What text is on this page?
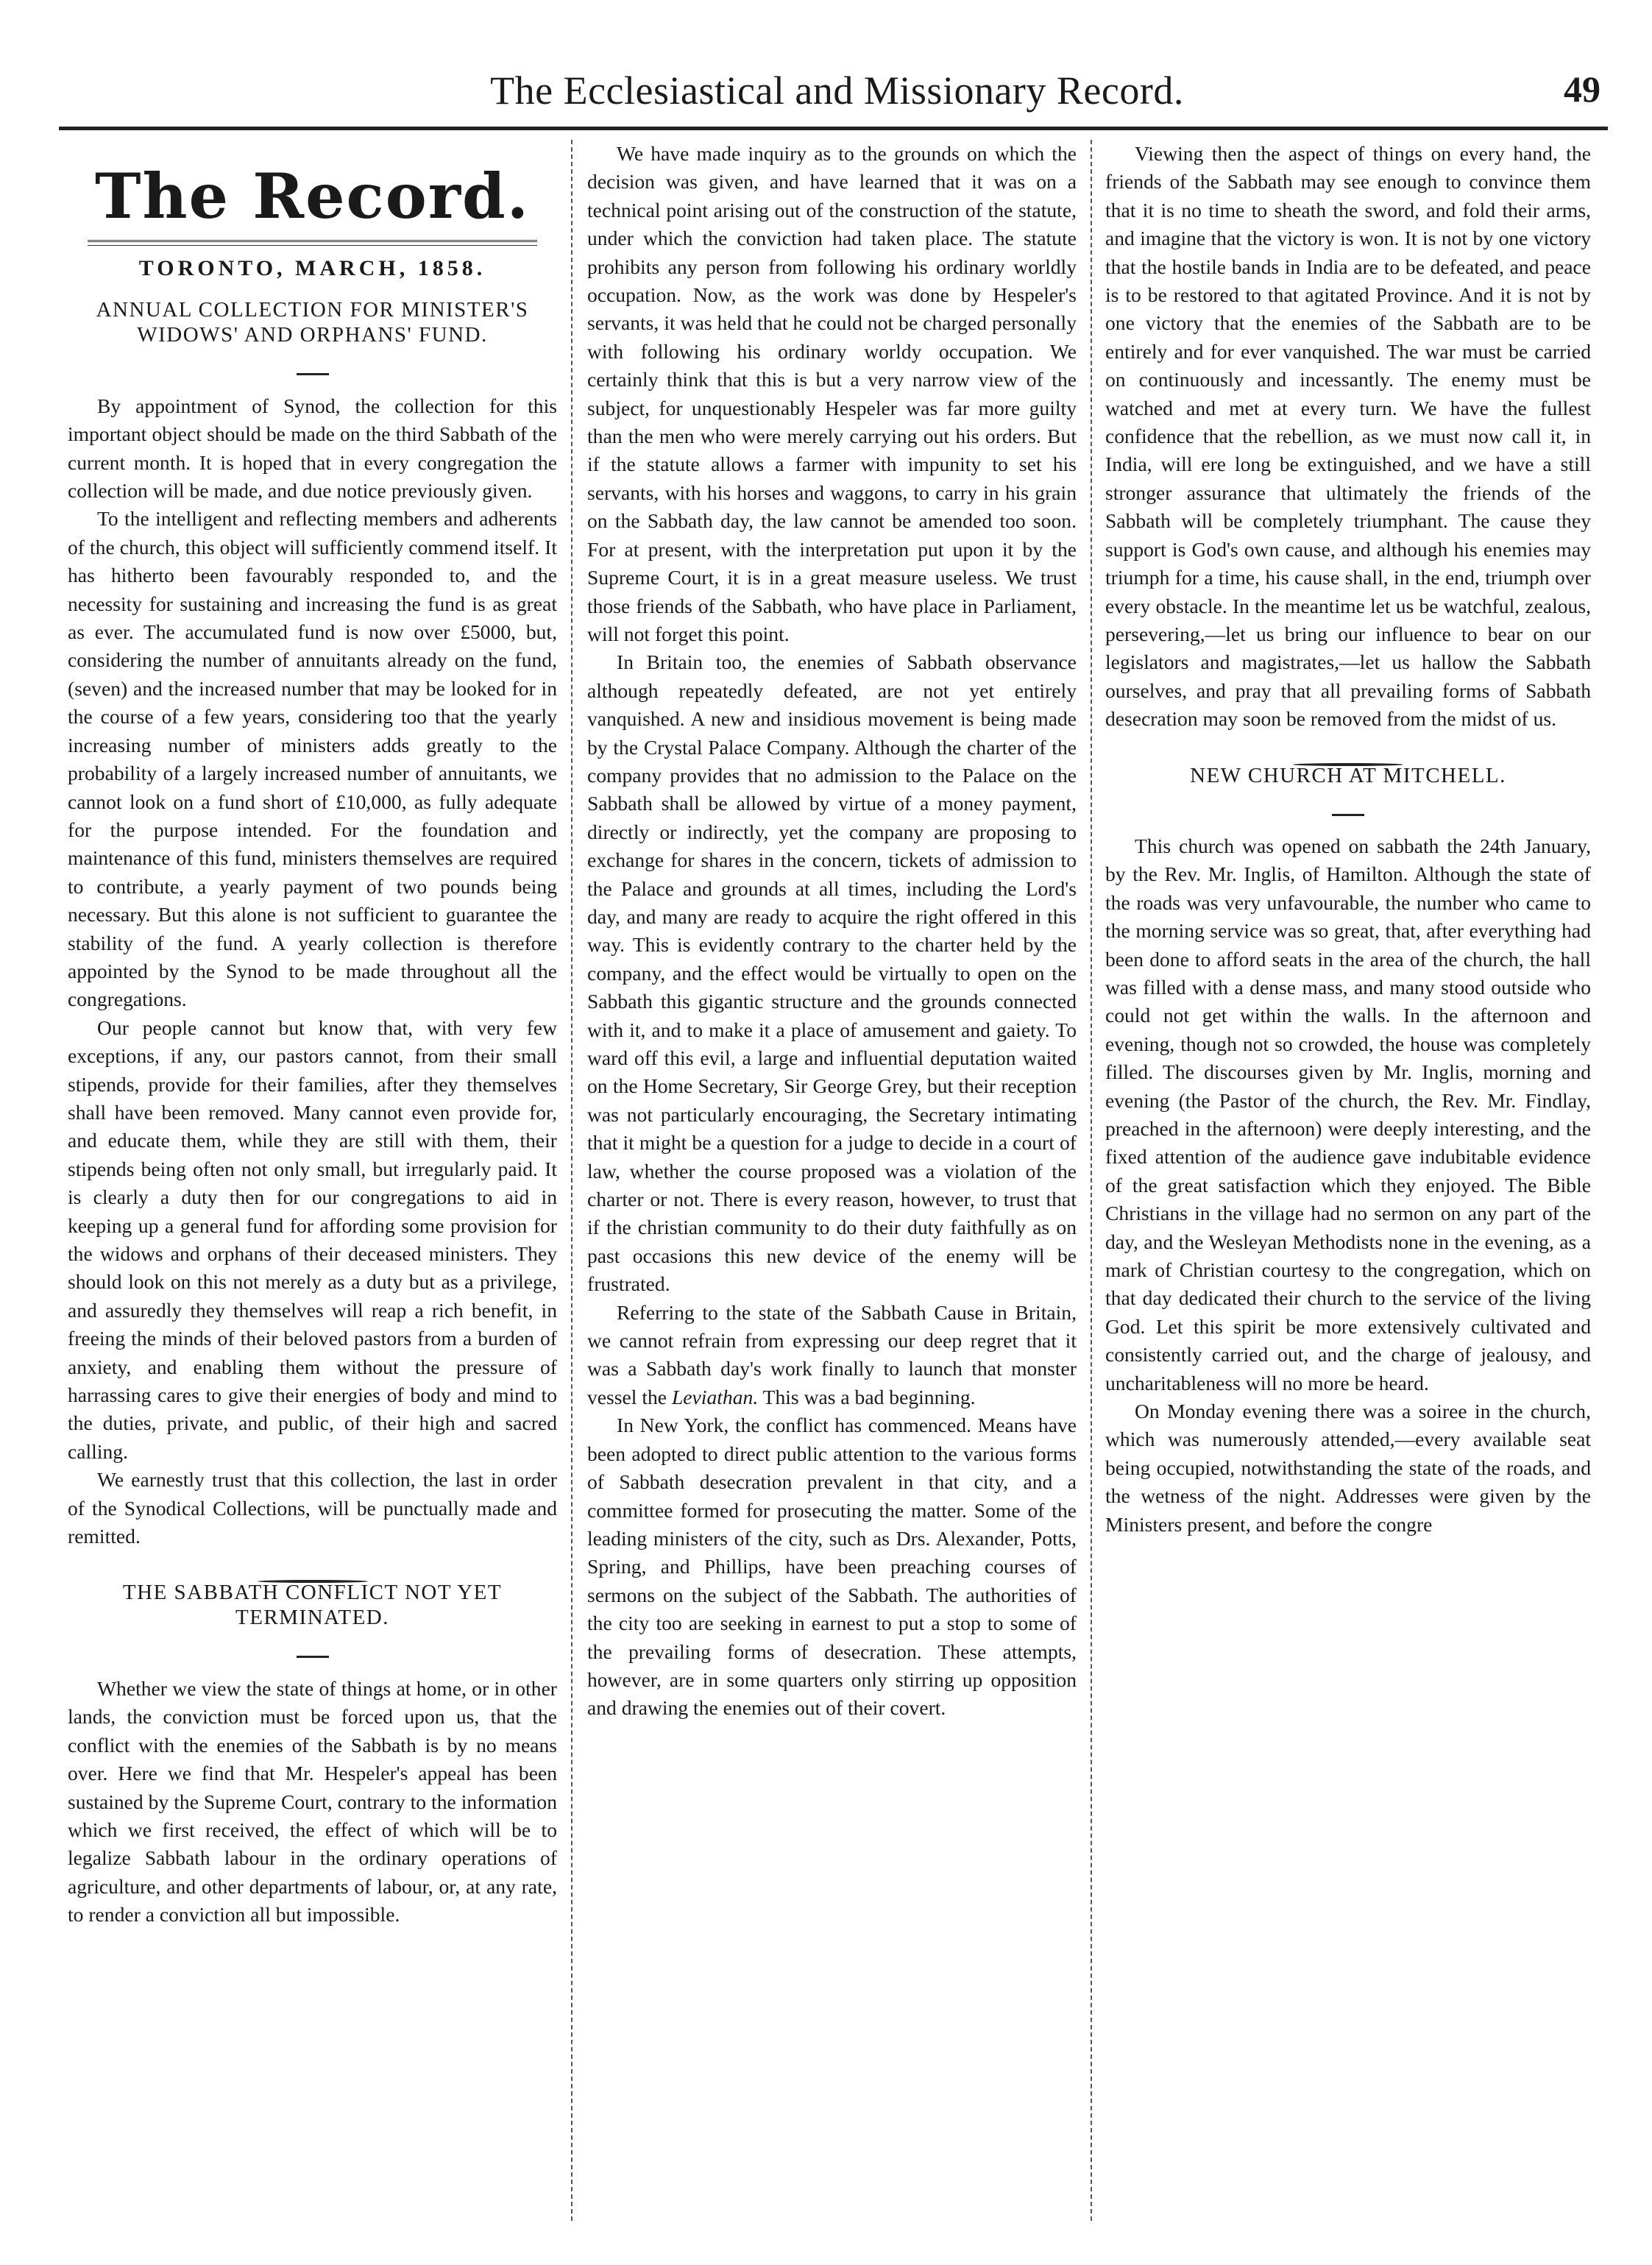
The Ecclesiastical and Missionary Record.	49
The Record.
TORONTO, MARCH, 1858.
ANNUAL COLLECTION FOR MINISTER'S WIDOWS' AND ORPHANS' FUND.

By appointment of Synod, the collection for this important object should be made on the third Sabbath of the current month. It is hoped that in every congregation the collection will be made, and due notice previously given.

To the intelligent and reflecting members and adherents of the church, this object will sufficiently commend itself. It has hitherto been favourably responded to, and the necessity for sustaining and increasing the fund is as great as ever. The accumulated fund is now over £5000, but, considering the number of annuitants already on the fund, (seven) and the increased number that may be looked for in the course of a few years, considering too that the yearly increasing number of ministers adds greatly to the probability of a largely increased number of annuitants, we cannot look on a fund short of £10,000, as fully adequate for the purpose intended. For the foundation and maintenance of this fund, ministers themselves are required to contribute, a yearly payment of two pounds being necessary. But this alone is not sufficient to guarantee the stability of the fund. A yearly collection is therefore appointed by the Synod to be made throughout all the congregations.

Our people cannot but know that, with very few exceptions, if any, our pastors cannot, from their small stipends, provide for their families, after they themselves shall have been removed. Many cannot even provide for, and educate them, while they are still with them, their stipends being often not only small, but irregularly paid. It is clearly a duty then for our congregations to aid in keeping up a general fund for affording some provision for the widows and orphans of their deceased ministers. They should look on this not merely as a duty but as a privilege, and assuredly they themselves will reap a rich benefit, in freeing the minds of their beloved pastors from a burden of anxiety, and enabling them without the pressure of harrassing cares to give their energies of body and mind to the duties, private, and public, of their high and sacred calling.

We earnestly trust that this collection, the last in order of the Synodical Collections, will be punctually made and remitted.

THE SABBATH CONFLICT NOT YET TERMINATED.

Whether we view the state of things at home, or in other lands, the conviction must be forced upon us, that the conflict with the enemies of the Sabbath is by no means over. Here we find that Mr. Hespeler's appeal has been sustained by the Supreme Court, contrary to the information which we first received, the effect of which will be to legalize Sabbath labour in the ordinary operations of agriculture, and other departments of labour, or, at any rate, to render a conviction all but impossible.

We have made inquiry as to the grounds on which the decision was given, and have learned that it was on a technical point arising out of the construction of the statute, under which the conviction had taken place. The statute prohibits any person from following his ordinary worldly occupation. Now, as the work was done by Hespeler's servants, it was held that he could not be charged personally with following his ordinary worldy occupation. We certainly think that this is but a very narrow view of the subject, for unquestionably Hespeler was far more guilty than the men who were merely carrying out his orders. But if the statute allows a farmer with impunity to set his servants, with his horses and waggons, to carry in his grain on the Sabbath day, the law cannot be amended too soon. For at present, with the interpretation put upon it by the Supreme Court, it is in a great measure useless. We trust those friends of the Sabbath, who have place in Parliament, will not forget this point.

In Britain too, the enemies of Sabbath observance although repeatedly defeated, are not yet entirely vanquished. A new and insidious movement is being made by the Crystal Palace Company. Although the charter of the company provides that no admission to the Palace on the Sabbath shall be allowed by virtue of a money payment, directly or indirectly, yet the company are proposing to exchange for shares in the concern, tickets of admission to the Palace and grounds at all times, including the Lord's day, and many are ready to acquire the right offered in this way. This is evidently contrary to the charter held by the company, and the effect would be virtually to open on the Sabbath this gigantic structure and the grounds connected with it, and to make it a place of amusement and gaiety. To ward off this evil, a large and influential deputation waited on the Home Secretary, Sir George Grey, but their reception was not particularly encouraging, the Secretary intimating that it might be a question for a judge to decide in a court of law, whether the course proposed was a violation of the charter or not. There is every reason, however, to trust that if the christian community to do their duty faithfully as on past occasions this new device of the enemy will be frustrated.

Referring to the state of the Sabbath Cause in Britain, we cannot refrain from expressing our deep regret that it was a Sabbath day's work finally to launch that monster vessel the Leviathan. This was a bad beginning.

In New York, the conflict has commenced. Means have been adopted to direct public attention to the various forms of Sabbath desecration prevalent in that city, and a committee formed for prosecuting the matter. Some of the leading ministers of the city, such as Drs. Alexander, Potts, Spring, and Phillips, have been preaching courses of sermons on the subject of the Sabbath. The authorities of the city too are seeking in earnest to put a stop to some of the prevailing forms of desecration. These attempts, however, are in some quarters only stirring up opposition and drawing the enemies out of their covert.

Viewing then the aspect of things on every hand, the friends of the Sabbath may see enough to convince them that it is no time to sheath the sword, and fold their arms, and imagine that the victory is won. It is not by one victory that the hostile bands in India are to be defeated, and peace is to be restored to that agitated Province. And it is not by one victory that the enemies of the Sabbath are to be entirely and for ever vanquished. The war must be carried on continuously and incessantly. The enemy must be watched and met at every turn. We have the fullest confidence that the rebellion, as we must now call it, in India, will ere long be extinguished, and we have a still stronger assurance that ultimately the friends of the Sabbath will be completely triumphant. The cause they support is God's own cause, and although his enemies may triumph for a time, his cause shall, in the end, triumph over every obstacle. In the meantime let us be watchful, zealous, persevering,—let us bring our influence to bear on our legislators and magistrates,—let us hallow the Sabbath ourselves, and pray that all prevailing forms of Sabbath desecration may soon be removed from the midst of us.

NEW CHURCH AT MITCHELL.

This church was opened on sabbath the 24th January, by the Rev. Mr. Inglis, of Hamilton. Although the state of the roads was very unfavourable, the number who came to the morning service was so great, that, after everything had been done to afford seats in the area of the church, the hall was filled with a dense mass, and many stood outside who could not get within the walls. In the afternoon and evening, though not so crowded, the house was completely filled. The discourses given by Mr. Inglis, morning and evening (the Pastor of the church, the Rev. Mr. Findlay, preached in the afternoon) were deeply interesting, and the fixed attention of the audience gave indubitable evidence of the great satisfaction which they enjoyed. The Bible Christians in the village had no sermon on any part of the day, and the Wesleyan Methodists none in the evening, as a mark of Christian courtesy to the congregation, which on that day dedicated their church to the service of the living God. Let this spirit be more extensively cultivated and consistently carried out, and the charge of jealousy, and uncharitableness will no more be heard.

On Monday evening there was a soiree in the church, which was numerously attended,—every available seat being occupied, notwithstanding the state of the roads, and the wetness of the night. Addresses were given by the Ministers present, and before the congre
